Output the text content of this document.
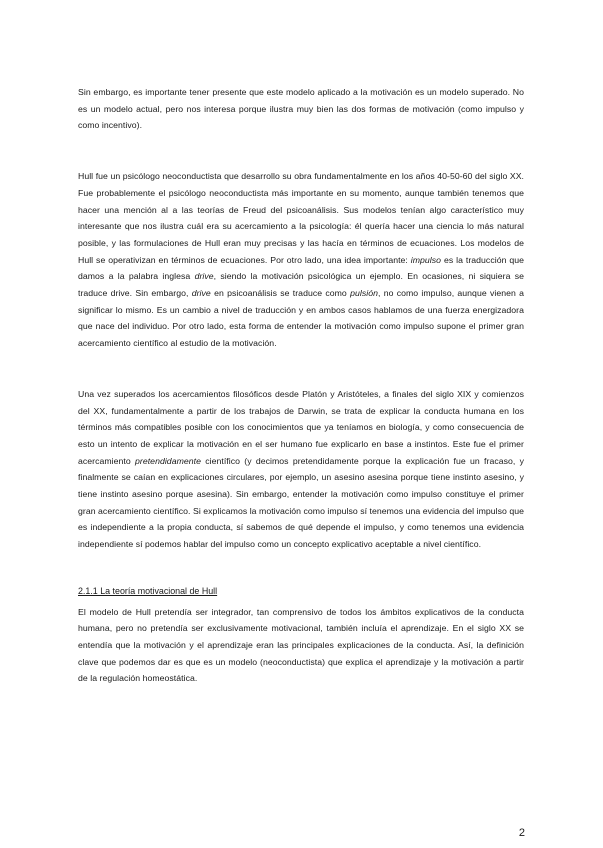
Sin embargo, es importante tener presente que este modelo aplicado a la motivación es un modelo superado. No es un modelo actual, pero nos interesa porque ilustra muy bien las dos formas de motivación (como impulso y como incentivo).

Hull fue un psicólogo neoconductista que desarrollo su obra fundamentalmente en los años 40-50-60 del siglo XX. Fue probablemente el psicólogo neoconductista más importante en su momento, aunque también tenemos que hacer una mención al a las teorías de Freud del psicoanálisis. Sus modelos tenían algo característico muy interesante que nos ilustra cuál era su acercamiento a la psicología: él quería hacer una ciencia lo más natural posible, y las formulaciones de Hull eran muy precisas y las hacía en términos de ecuaciones. Los modelos de Hull se operativizan en términos de ecuaciones. Por otro lado, una idea importante: impulso es la traducción que damos a la palabra inglesa drive, siendo la motivación psicológica un ejemplo. En ocasiones, ni siquiera se traduce drive. Sin embargo, drive en psicoanálisis se traduce como pulsión, no como impulso, aunque vienen a significar lo mismo. Es un cambio a nivel de traducción y en ambos casos hablamos de una fuerza energizadora que nace del individuo. Por otro lado, esta forma de entender la motivación como impulso supone el primer gran acercamiento científico al estudio de la motivación.

Una vez superados los acercamientos filosóficos desde Platón y Aristóteles, a finales del siglo XIX y comienzos del XX, fundamentalmente a partir de los trabajos de Darwin, se trata de explicar la conducta humana en los términos más compatibles posible con los conocimientos que ya teníamos en biología, y como consecuencia de esto un intento de explicar la motivación en el ser humano fue explicarlo en base a instintos. Este fue el primer acercamiento pretendidamente científico (y decimos pretendidamente porque la explicación fue un fracaso, y finalmente se caían en explicaciones circulares, por ejemplo, un asesino asesina porque tiene instinto asesino, y tiene instinto asesino porque asesina). Sin embargo, entender la motivación como impulso constituye el primer gran acercamiento científico. Si explicamos la motivación como impulso sí tenemos una evidencia del impulso que es independiente a la propia conducta, sí sabemos de qué depende el impulso, y como tenemos una evidencia independiente sí podemos hablar del impulso como un concepto explicativo aceptable a nivel científico.

2.1.1 La teoría motivacional de Hull

El modelo de Hull pretendía ser integrador, tan comprensivo de todos los ámbitos explicativos de la conducta humana, pero no pretendía ser exclusivamente motivacional, también incluía el aprendizaje. En el siglo XX se entendía que la motivación y el aprendizaje eran las principales explicaciones de la conducta. Así, la definición clave que podemos dar es que es un modelo (neoconductista) que explica el aprendizaje y la motivación a partir de la regulación homeostática.

2
